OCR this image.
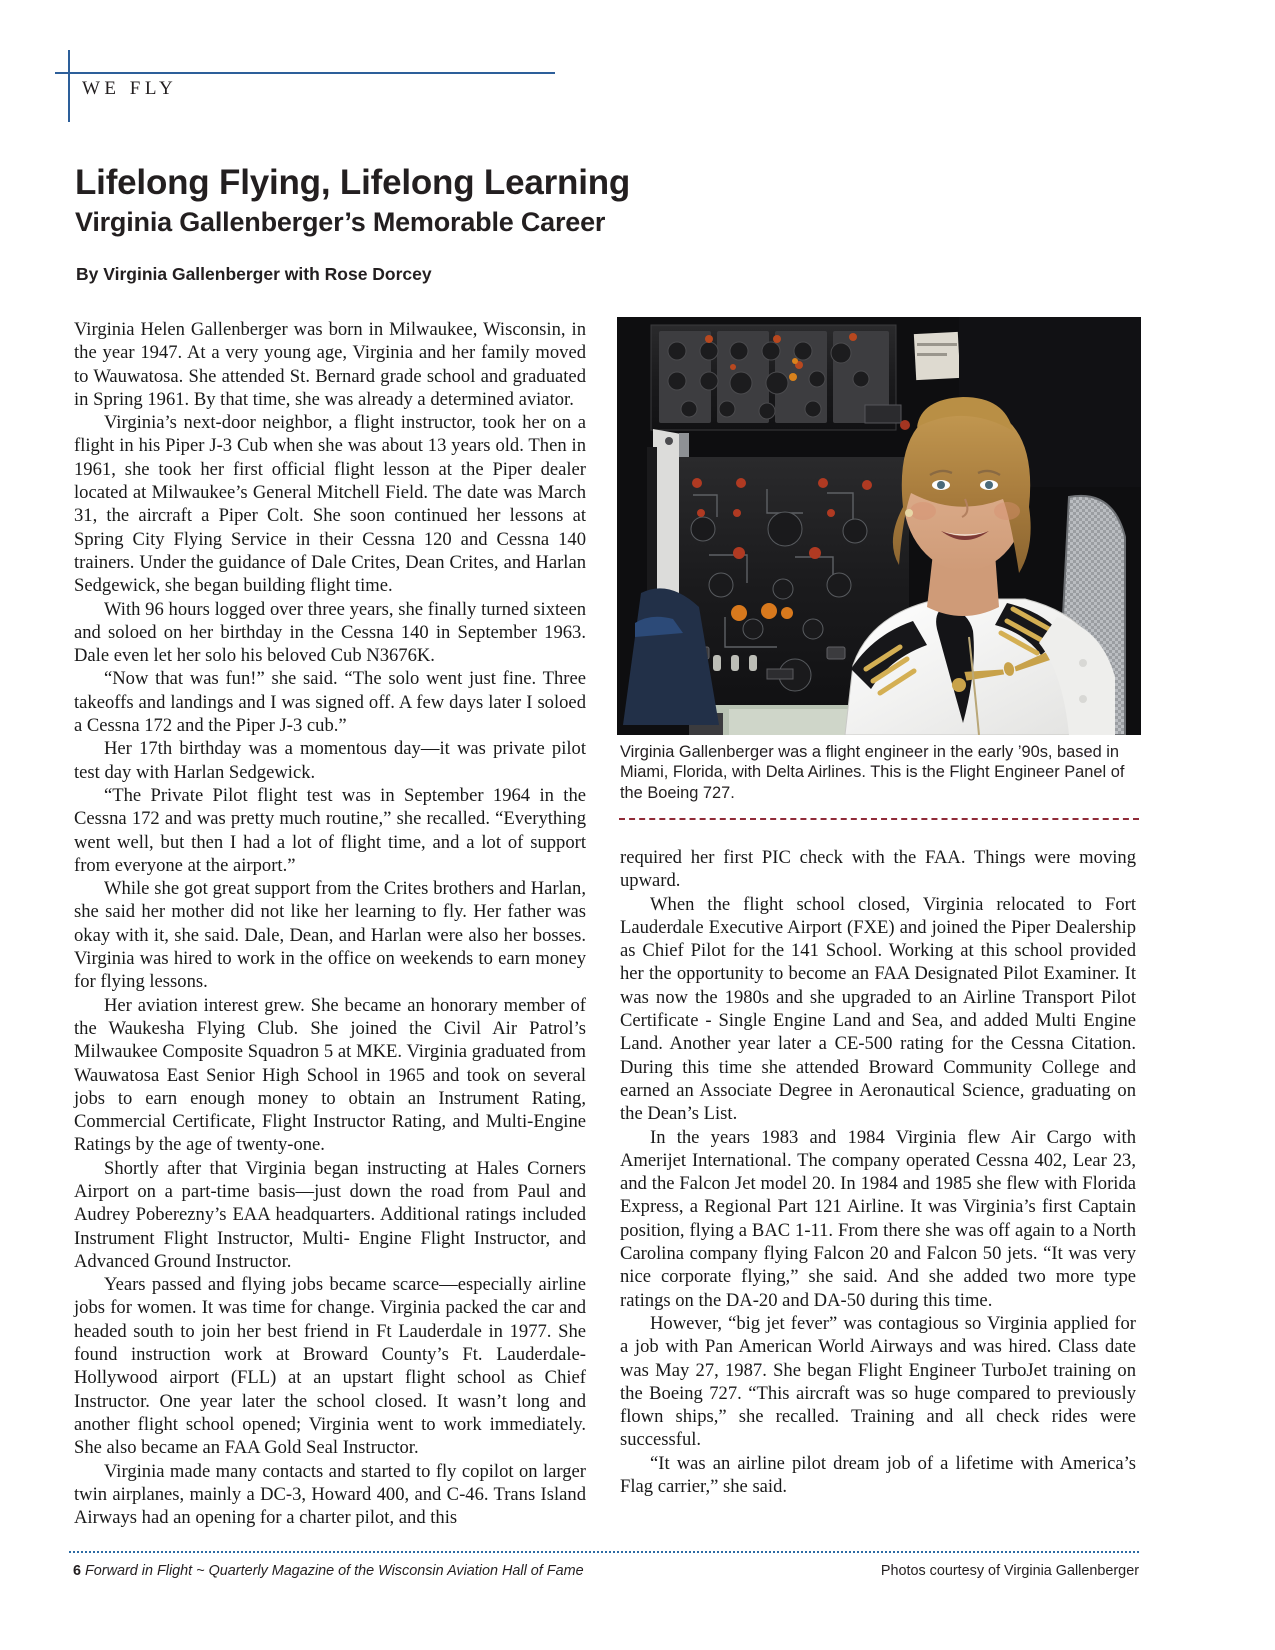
WE FLY
Lifelong Flying, Lifelong Learning
Virginia Gallenberger’s Memorable Career
By Virginia Gallenberger with Rose Dorcey
Virginia Gallenberger was a flight engineer in the early ’90s, based in Miami, Florida, with Delta Airlines. This is the Flight Engineer Panel of the Boeing 727.

Virginia Helen Gallenberger was born in Milwaukee, Wisconsin, in the year 1947. At a very young age, Virginia and her family moved to Wauwatosa. She attended St. Bernard grade school and graduated in Spring 1961. By that time, she was already a determined aviator.

Virginia’s next-door neighbor, a flight instructor, took her on a flight in his Piper J-3 Cub when she was about 13 years old. Then in 1961, she took her first official flight lesson at the Piper dealer located at Milwaukee’s General Mitchell Field. The date was March 31, the aircraft a Piper Colt. She soon continued her lessons at Spring City Flying Service in their Cessna 120 and Cessna 140 trainers. Under the guidance of Dale Crites, Dean Crites, and Harlan Sedgewick, she began building flight time.

With 96 hours logged over three years, she finally turned sixteen and soloed on her birthday in the Cessna 140 in September 1963. Dale even let her solo his beloved Cub N3676K.

“Now that was fun!” she said. “The solo went just fine. Three takeoffs and landings and I was signed off. A few days later I soloed a Cessna 172 and the Piper J-3 cub.”

Her 17th birthday was a momentous day—it was private pilot test day with Harlan Sedgewick.

“The Private Pilot flight test was in September 1964 in the Cessna 172 and was pretty much routine,” she recalled. “Everything went well, but then I had a lot of flight time, and a lot of support from everyone at the airport.”

While she got great support from the Crites brothers and Harlan, she said her mother did not like her learning to fly. Her father was okay with it, she said. Dale, Dean, and Harlan were also her bosses. Virginia was hired to work in the office on weekends to earn money for flying lessons.

Her aviation interest grew. She became an honorary member of the Waukesha Flying Club. She joined the Civil Air Patrol’s Milwaukee Composite Squadron 5 at MKE. Virginia graduated from Wauwatosa East Senior High School in 1965 and took on several jobs to earn enough money to obtain an Instrument Rating, Commercial Certificate, Flight Instructor Rating, and Multi-Engine Ratings by the age of twenty-one.

Shortly after that Virginia began instructing at Hales Corners Airport on a part-time basis—just down the road from Paul and Audrey Poberezny’s EAA headquarters. Additional ratings included Instrument Flight Instructor, Multi- Engine Flight Instructor, and Advanced Ground Instructor.

Years passed and flying jobs became scarce—especially airline jobs for women. It was time for change. Virginia packed the car and headed south to join her best friend in Ft Lauderdale in 1977. She found instruction work at Broward County’s Ft. Lauderdale-Hollywood airport (FLL) at an upstart flight school as Chief Instructor. One year later the school closed. It wasn’t long and another flight school opened; Virginia went to work immediately. She also became an FAA Gold Seal Instructor.

Virginia made many contacts and started to fly copilot on larger twin airplanes, mainly a DC-3, Howard 400, and C-46. Trans Island Airways had an opening for a charter pilot, and this

required her first PIC check with the FAA. Things were moving upward.

When the flight school closed, Virginia relocated to Fort Lauderdale Executive Airport (FXE) and joined the Piper Dealership as Chief Pilot for the 141 School. Working at this school provided her the opportunity to become an FAA Designated Pilot Examiner. It was now the 1980s and she upgraded to an Airline Transport Pilot Certificate - Single Engine Land and Sea, and added Multi Engine Land. Another year later a CE-500 rating for the Cessna Citation. During this time she attended Broward Community College and earned an Associate Degree in Aeronautical Science, graduating on the Dean’s List.

In the years 1983 and 1984 Virginia flew Air Cargo with Amerijet International. The company operated Cessna 402, Lear 23, and the Falcon Jet model 20. In 1984 and 1985 she flew with Florida Express, a Regional Part 121 Airline. It was Virginia’s first Captain position, flying a BAC 1-11. From there she was off again to a North Carolina company flying Falcon 20 and Falcon 50 jets. “It was very nice corporate flying,” she said. And she added two more type ratings on the DA-20 and DA-50 during this time.

However, “big jet fever” was contagious so Virginia applied for a job with Pan American World Airways and was hired. Class date was May 27, 1987. She began Flight Engineer TurboJet training on the Boeing 727. “This aircraft was so huge compared to previously flown ships,” she recalled. Training and all check rides were successful.

“It was an airline pilot dream job of a lifetime with America’s Flag carrier,” she said.

6 Forward in Flight ~ Quarterly Magazine of the Wisconsin Aviation Hall of Fame	Photos courtesy of Virginia Gallenberger
